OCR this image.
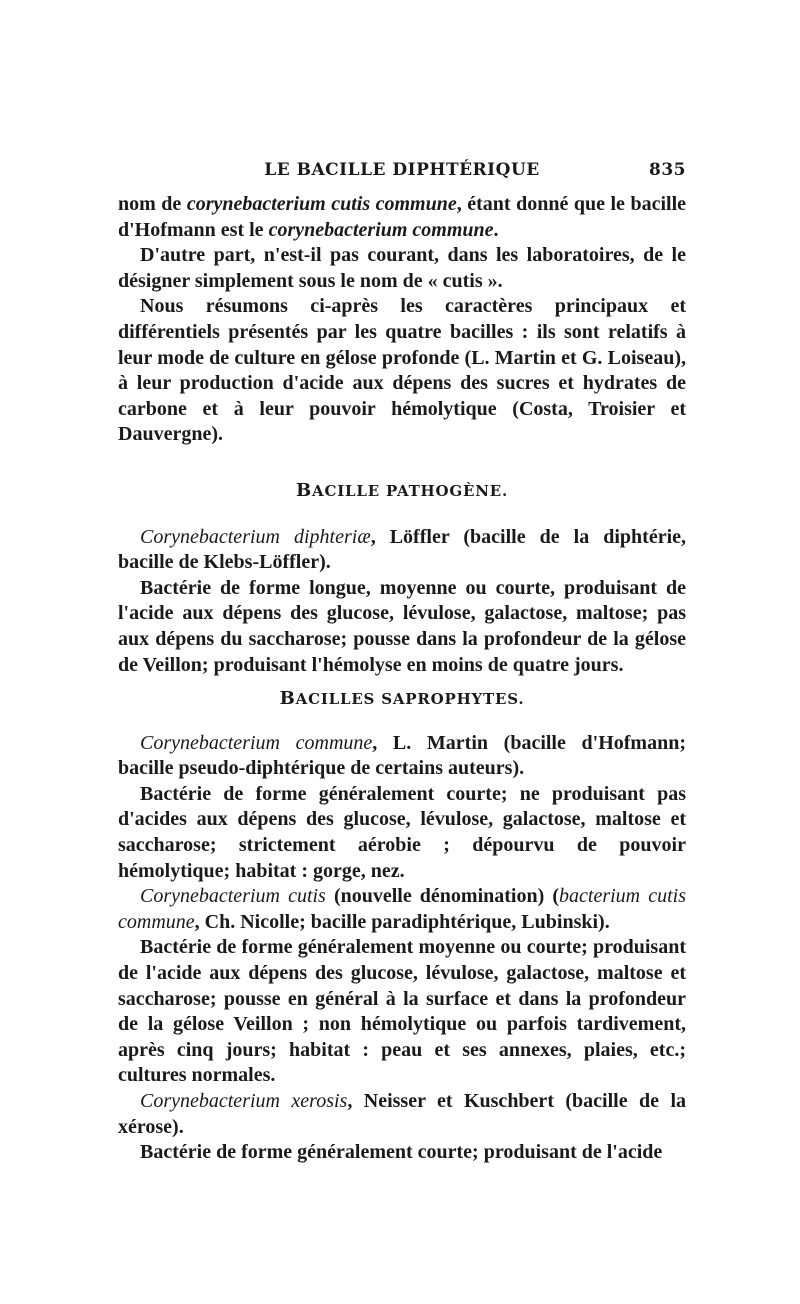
LE BACILLE DIPHTÉRIQUE	835

nom de corynebacterium cutis commune, étant donné que le bacille d'Hofmann est le corynebacterium commune.

D'autre part, n'est-il pas courant, dans les laboratoires, de le désigner simplement sous le nom de « cutis ».

Nous résumons ci-après les caractères principaux et différentiels présentés par les quatre bacilles : ils sont relatifs à leur mode de culture en gélose profonde (L. Martin et G. Loiseau), à leur production d'acide aux dépens des sucres et hydrates de carbone et à leur pouvoir hémolytique (Costa, Troisier et Dauvergne).

BACILLE PATHOGÈNE.

Corynebacterium diphteriæ, Löffler (bacille de la diphtérie, bacille de Klebs-Löffler).

Bactérie de forme longue, moyenne ou courte, produisant de l'acide aux dépens des glucose, lévulose, galactose, maltose; pas aux dépens du saccharose; pousse dans la profondeur de la gélose de Veillon; produisant l'hémolyse en moins de quatre jours.

BACILLES SAPROPHYTES.

Corynebacterium commune, L. Martin (bacille d'Hofmann; bacille pseudo-diphtérique de certains auteurs).

Bactérie de forme généralement courte; ne produisant pas d'acides aux dépens des glucose, lévulose, galactose, maltose et saccharose; strictement aérobie ; dépourvu de pouvoir hémolytique; habitat : gorge, nez.

Corynebacterium cutis (nouvelle dénomination) (bacterium cutis commune, Ch. Nicolle; bacille paradiphtérique, Lubinski).

Bactérie de forme généralement moyenne ou courte; produisant de l'acide aux dépens des glucose, lévulose, galactose, maltose et saccharose; pousse en général à la surface et dans la profondeur de la gélose Veillon ; non hémolytique ou parfois tardivement, après cinq jours; habitat : peau et ses annexes, plaies, etc.; cultures normales.

Corynebacterium xerosis, Neisser et Kuschbert (bacille de la xérose).

Bactérie de forme généralement courte; produisant de l'acide
